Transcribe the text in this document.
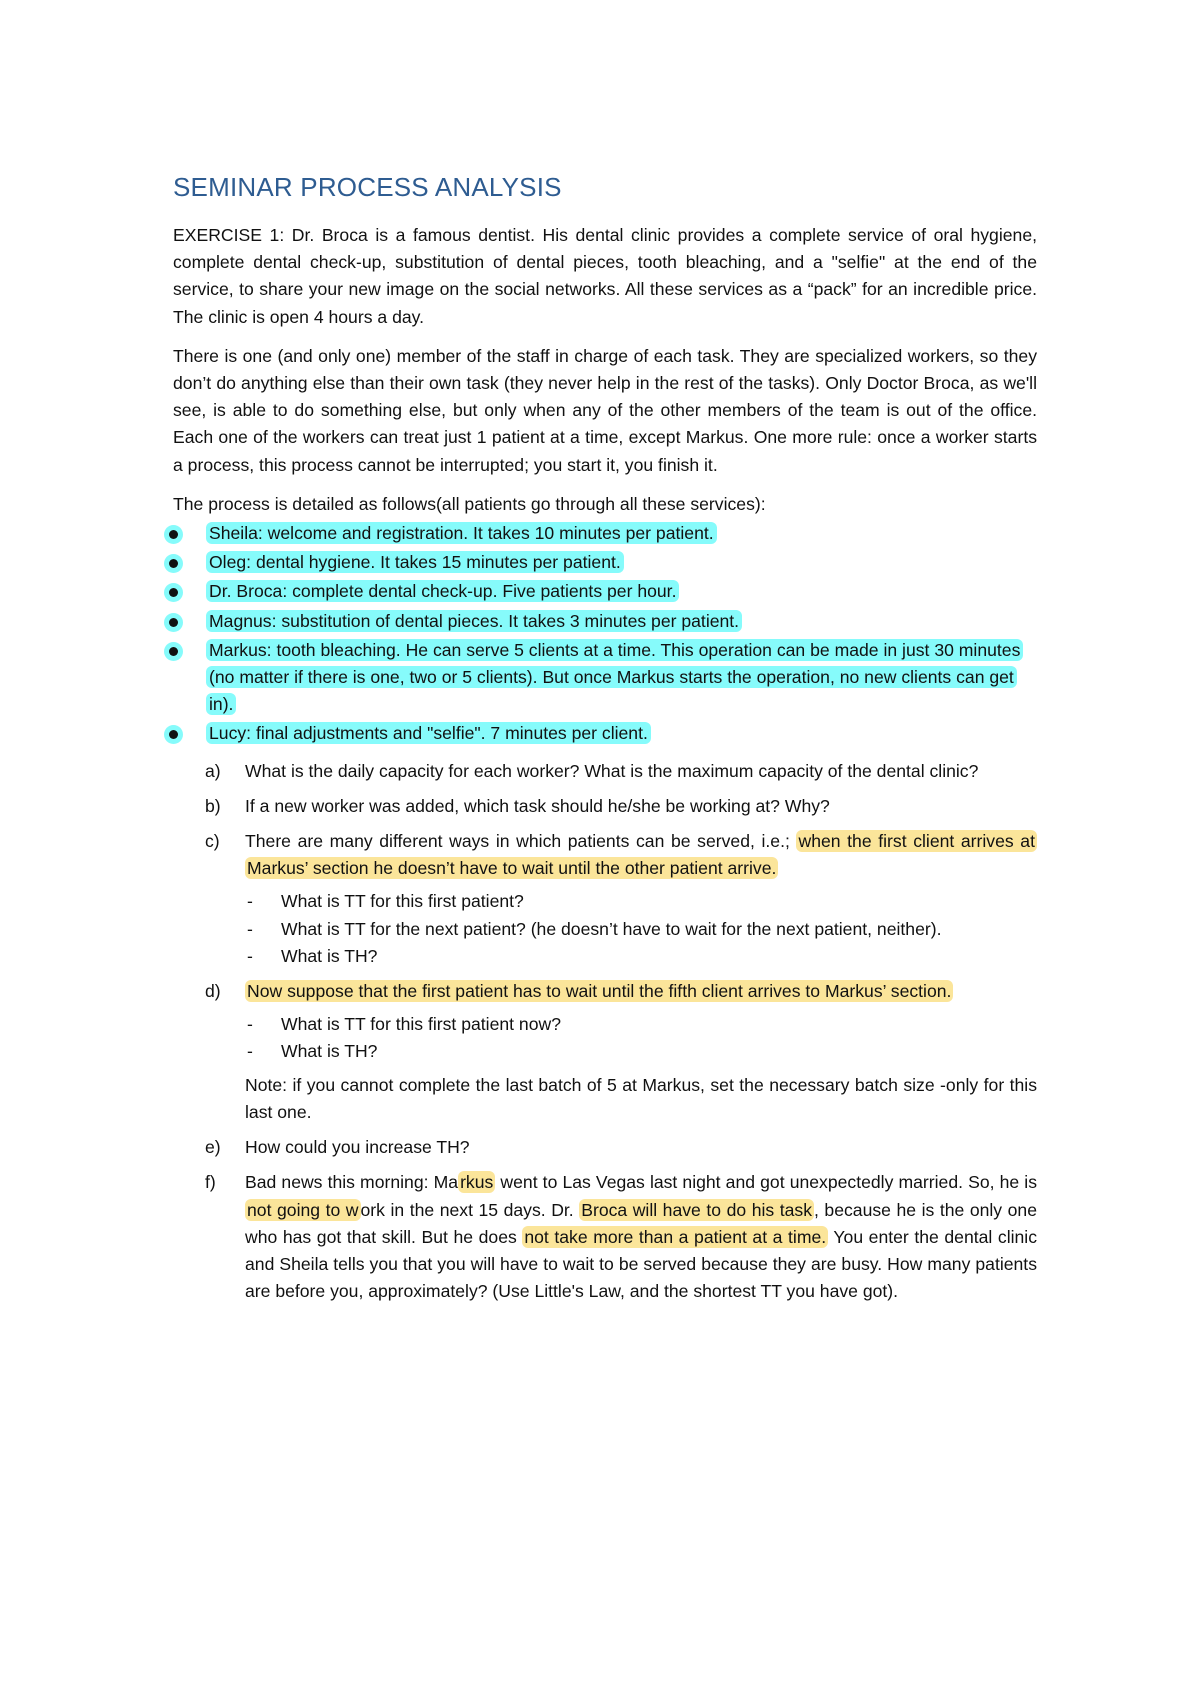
SEMINAR PROCESS ANALYSIS

EXERCISE 1: Dr. Broca is a famous dentist. His dental clinic provides a complete service of oral hygiene, complete dental check-up, substitution of dental pieces, tooth bleaching, and a "selfie" at the end of the service, to share your new image on the social networks. All these services as a “pack” for an incredible price. The clinic is open 4 hours a day.

There is one (and only one) member of the staff in charge of each task. They are specialized workers, so they don’t do anything else than their own task (they never help in the rest of the tasks). Only Doctor Broca, as we'll see, is able to do something else, but only when any of the other members of the team is out of the office. Each one of the workers can treat just 1 patient at a time, except Markus. One more rule: once a worker starts a process, this process cannot be interrupted; you start it, you finish it.

The process is detailed as follows(all patients go through all these services):

Sheila: welcome and registration. It takes 10 minutes per patient.
Oleg: dental hygiene. It takes 15 minutes per patient.
Dr. Broca: complete dental check-up. Five patients per hour.
Magnus: substitution of dental pieces. It takes 3 minutes per patient.
Markus: tooth bleaching. He can serve 5 clients at a time. This operation can be made in just 30 minutes (no matter if there is one, two or 5 clients). But once Markus starts the operation, no new clients can get in).
Lucy: final adjustments and "selfie". 7 minutes per client.
a) What is the daily capacity for each worker? What is the maximum capacity of the dental clinic?
b) If a new worker was added, which task should he/she be working at? Why?
c) There are many different ways in which patients can be served, i.e.; when the first client arrives at Markus’ section he doesn’t have to wait until the other patient arrive.
- What is TT for this first patient?
- What is TT for the next patient? (he doesn’t have to wait for the next patient, neither).
- What is TH?
d) Now suppose that the first patient has to wait until the fifth client arrives to Markus’ section.
- What is TT for this first patient now?
- What is TH?
Note: if you cannot complete the last batch of 5 at Markus, set the necessary batch size -only for this last one.
e) How could you increase TH?
f) Bad news this morning: Ma rkus went to Las Vegas last night and got unexpectedly married. So, he is not going to w ork in the next 15 days. Dr. Broca will have to do his task , because he is the only one who has got that skill. But he does not take more than a patient at a time. You enter the dental clinic and Sheila tells you that you will have to wait to be served because they are busy. How many patients are before you, approximately? (Use Little's Law, and the shortest TT you have got).
